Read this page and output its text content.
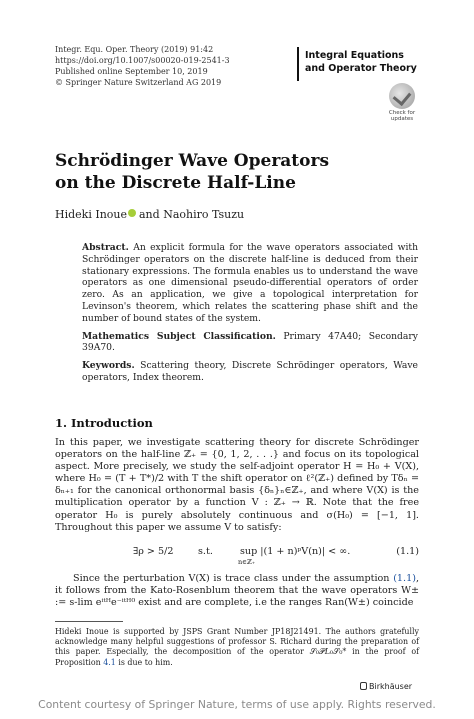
Integr. Equ. Oper. Theory (2019) 91:42
https://doi.org/10.1007/s00020-019-2541-3
Published online September 10, 2019
© Springer Nature Switzerland AG 2019
Integral Equations
and Operator Theory
Check for
updates
Schrödinger Wave Operators
on the Discrete Half-Line
Hideki Inoue and Naohiro Tsuzu

Abstract. An explicit formula for the wave operators associated with Schrödinger operators on the discrete half-line is deduced from their stationary expressions. The formula enables us to understand the wave operators as one dimensional pseudo-differential operators of order zero. As an application, we give a topological interpretation for Levinson's theorem, which relates the scattering phase shift and the number of bound states of the system.

Mathematics Subject Classification. Primary 47A40; Secondary 39A70.

Keywords. Scattering theory, Discrete Schrödinger operators, Wave operators, Index theorem.

1. Introduction

In this paper, we investigate scattering theory for discrete Schrödinger operators on the half-line ℤ₊ = {0, 1, 2, . . .} and focus on its topological aspect. More precisely, we study the self-adjoint operator H = H₀ + V(X), where H₀ = (T + T*)/2 with T the shift operator on ℓ²(ℤ₊) defined by Tδₙ = δₙ₊₁ for the canonical orthonormal basis {δₙ}ₙ∈ℤ₊, and where V(X) is the multiplication operator by a function V : ℤ₊ → ℝ. Note that the free operator H₀ is purely absolutely continuous and σ(H₀) = [−1, 1]. Throughout this paper we assume V to satisfy:

∃ρ > 5/2	s.t.	sup |(1 + n)ᵖV(n)| < ∞.
n∈ℤ₊
(1.1)
Since the perturbation V(X) is trace class under the assumption (1.1), it follows from the Kato-Rosenblum theorem that the wave operators W± := s-lim eⁱᵗᴴe⁻ⁱᵗᴴ⁰ exist and are complete, i.e the ranges Ran(W±) coincide
Hideki Inoue is supported by JSPS Grant Number JP18J21491. The authors gratefully acknowledge many helpful suggestions of professor S. Richard during the preparation of this paper. Especially, the decomposition of the operator 𝒮₀𝒫𝐿₀𝒮₀* in the proof of Proposition 4.1 is due to him.
Birkhäuser
Content courtesy of Springer Nature, terms of use apply. Rights reserved.
